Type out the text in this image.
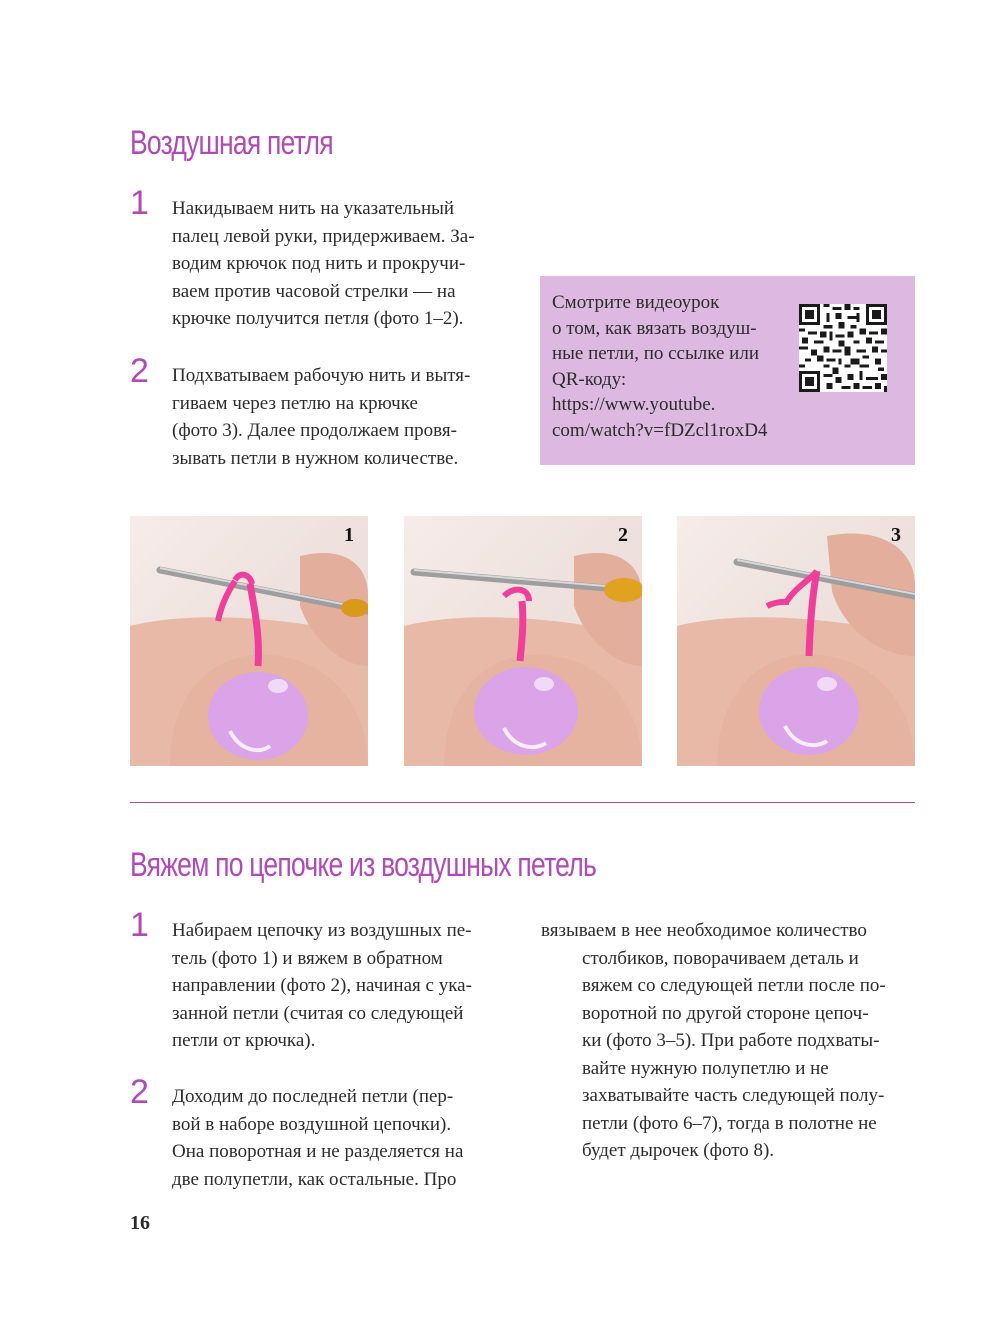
Воздушная петля
1 Накидываем нить на указательный
палец левой руки, придерживаем. За-
водим крючок под нить и прокручи-
ваем против часовой стрелки — на
крючке получится петля (фото 1–2).
2 Подхватываем рабочую нить и вытя-
гиваем через петлю на крючке
(фото 3). Далее продолжаем провя-
зывать петли в нужном количестве.
Смотрите видеоурок
о том, как вязать воздуш-
ные петли, по ссылке или
QR-коду:
https://www.youtube.
com/watch?v=fDZcl1roxD4
1	2	3
Вяжем по цепочке из воздушных петель
1 Набираем цепочку из воздушных пе-
тель (фото 1) и вяжем в обратном
направлении (фото 2), начиная с ука-
занной петли (считая со следующей
петли от крючка).
2 Доходим до последней петли (пер-
вой в наборе воздушной цепочки).
Она поворотная и не разделяется на
две полупетли, как остальные. Про
вязываем в нее необходимое количество
столбиков, поворачиваем деталь и
вяжем со следующей петли после по-
воротной по другой стороне цепоч-
ки (фото 3–5). При работе подхваты-
вайте нужную полупетлю и не
захватывайте часть следующей полу-
петли (фото 6–7), тогда в полотне не
будет дырочек (фото 8).
16
